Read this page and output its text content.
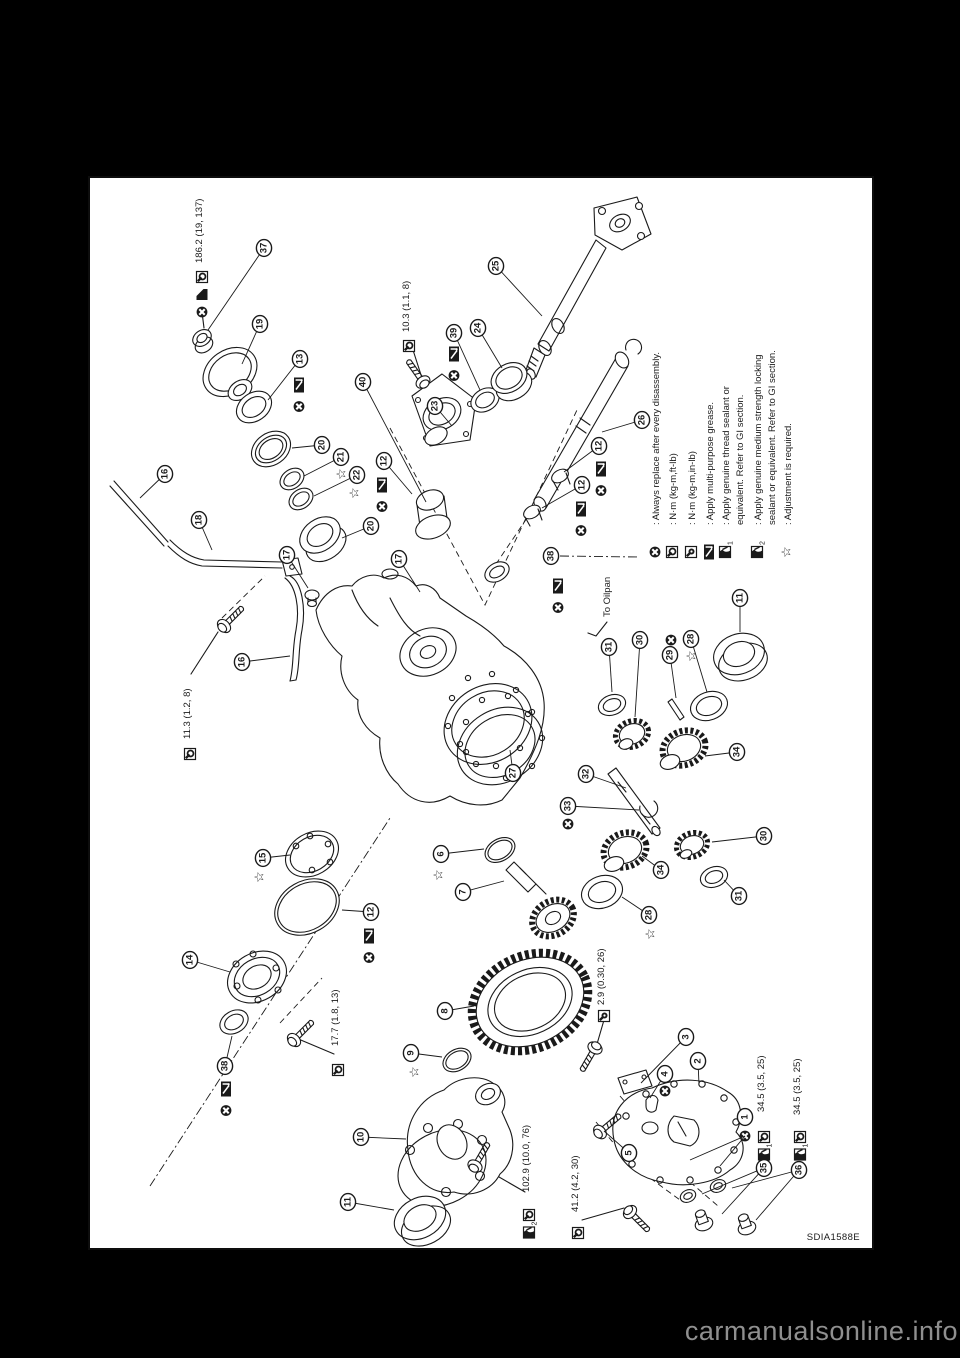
: Always replace after every disassembly. : N·m (kg-m,ft-lb) : N·m (kg-m,in-lb) : Apply multi-purpose grease. : Apply genuine thread sealant or equivalent. Refer to GI section.
1
: Apply genuine medium strength locking sealant or equivalent. Refer to GI section.
2
: Adjustment is required.
☆
186.2 (19, 137)
10.3 (1.1, 8)
11.3 (1.2, 8)
17.7 (1.8, 13)
2.9 (0.30, 26)
102.9 (10.0, 76)
2
41.2 (4.2, 30)
34.5 (3.5, 25)
1
34.5 (3.5, 25)
1
To Oilpan
☆
☆
☆	☆
☆
☆
☆
37
19
13
20
21
22
16
18
17	17
16
40
23
39 24
25
26
12
12
38
12
20
11
28
29
30
31
34
32
33
34
30
31
28
27
12
15
14
38
6
7
8
9
10
11
5
4
3
2
1
35	36
SDIA1588E
carmanualsonline.info
